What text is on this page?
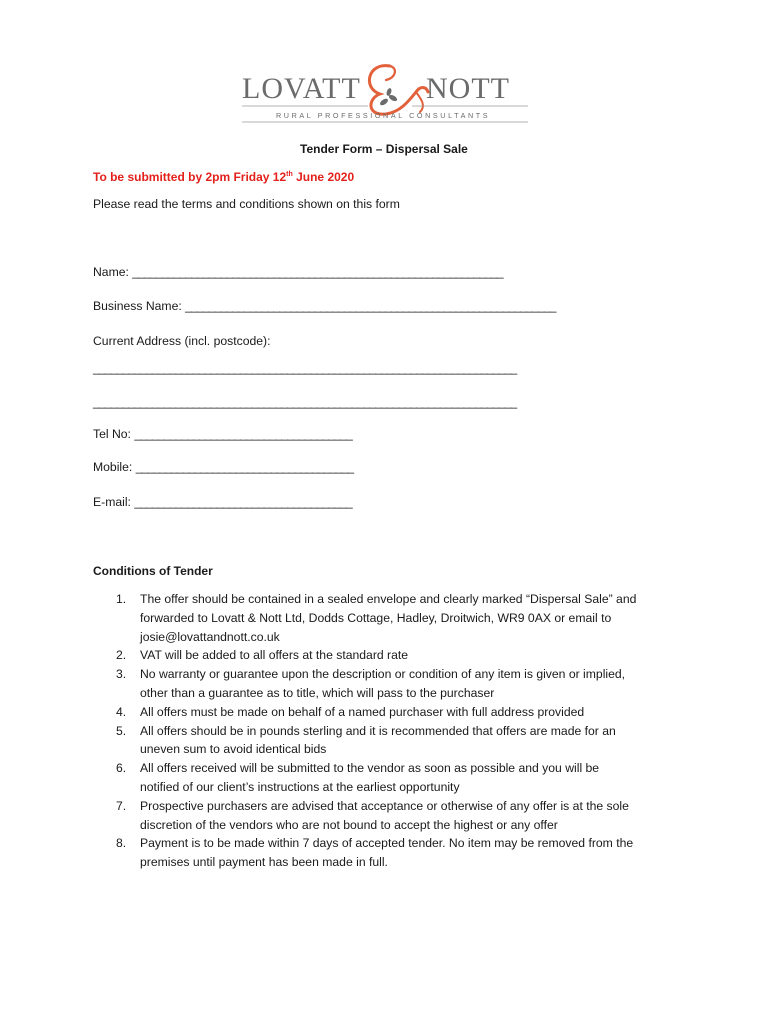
LOVATT NOTT
RURAL PROFESSIONAL CONSULTANTS
Tender Form – Dispersal Sale
To be submitted by 2pm Friday 12th June 2020
Please read the terms and conditions shown on this form
Name: _______________________________________________________________
Business Name: _______________________________________________________________
Current Address (incl. postcode):
________________________________________________________________________
________________________________________________________________________
Tel No: _____________________________________
Mobile: _____________________________________
E-mail: _____________________________________
Conditions of Tender
1. The offer should be contained in a sealed envelope and clearly marked “Dispersal Sale” and
forwarded to Lovatt & Nott Ltd, Dodds Cottage, Hadley, Droitwich, WR9 0AX or email to
josie@lovattandnott.co.uk
2. VAT will be added to all offers at the standard rate
3. No warranty or guarantee upon the description or condition of any item is given or implied,
other than a guarantee as to title, which will pass to the purchaser
4. All offers must be made on behalf of a named purchaser with full address provided
5. All offers should be in pounds sterling and it is recommended that offers are made for an
uneven sum to avoid identical bids
6. All offers received will be submitted to the vendor as soon as possible and you will be
notified of our client’s instructions at the earliest opportunity
7. Prospective purchasers are advised that acceptance or otherwise of any offer is at the sole
discretion of the vendors who are not bound to accept the highest or any offer
8. Payment is to be made within 7 days of accepted tender. No item may be removed from the
premises until payment has been made in full.
